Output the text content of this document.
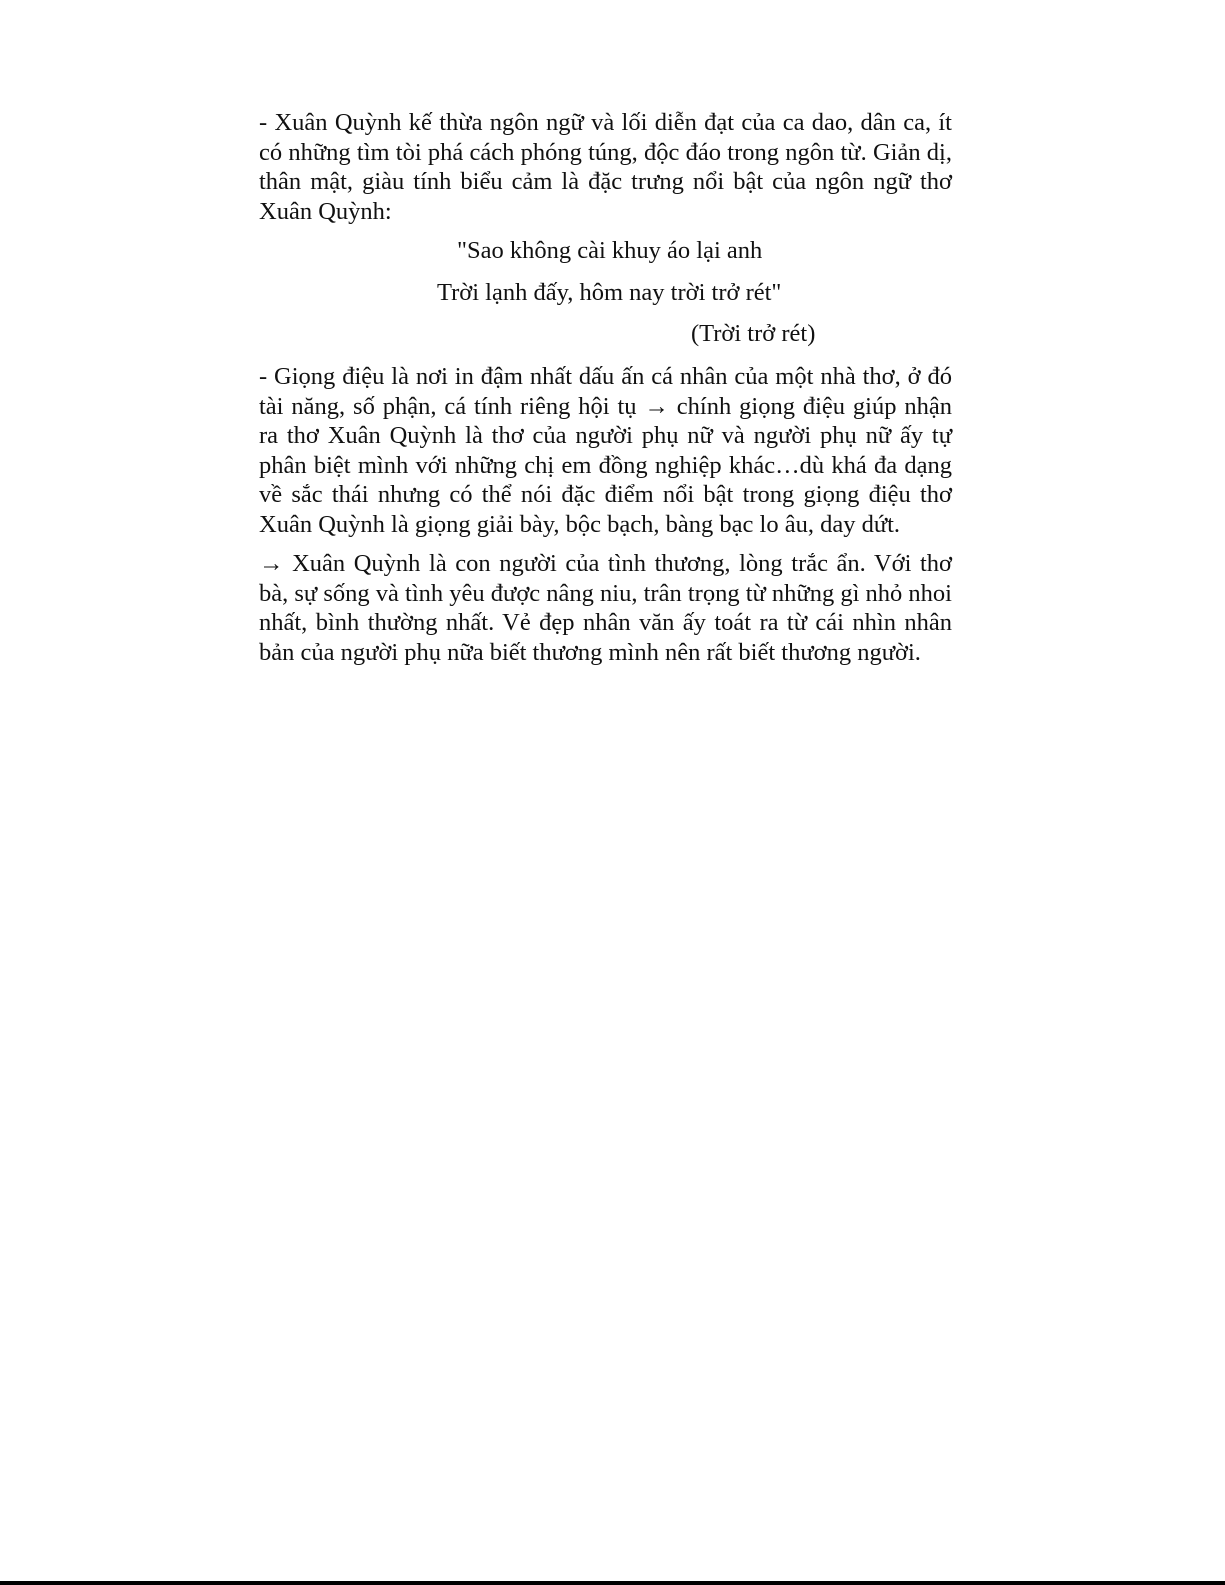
- Xuân Quỳnh kế thừa ngôn ngữ và lối diễn đạt của ca dao, dân ca, ít có những tìm tòi phá cách phóng túng, độc đáo trong ngôn từ. Giản dị, thân mật, giàu tính biểu cảm là đặc trưng nổi bật của ngôn ngữ thơ Xuân Quỳnh:

"Sao không cài khuy áo lại anh
Trời lạnh đấy, hôm nay trời trở rét"
(Trời trở rét)

- Giọng điệu là nơi in đậm nhất dấu ấn cá nhân của một nhà thơ, ở đó tài năng, số phận, cá tính riêng hội tụ → chính giọng điệu giúp nhận ra thơ Xuân Quỳnh là thơ của người phụ nữ và người phụ nữ ấy tự phân biệt mình với những chị em đồng nghiệp khác…dù khá đa dạng về sắc thái nhưng có thể nói đặc điểm nổi bật trong giọng điệu thơ Xuân Quỳnh là giọng giải bày, bộc bạch, bàng bạc lo âu, day dứt.

→ Xuân Quỳnh là con người của tình thương, lòng trắc ẩn. Với thơ bà, sự sống và tình yêu được nâng niu, trân trọng từ những gì nhỏ nhoi nhất, bình thường nhất. Vẻ đẹp nhân văn ấy toát ra từ cái nhìn nhân bản của người phụ nữa biết thương mình nên rất biết thương người.
